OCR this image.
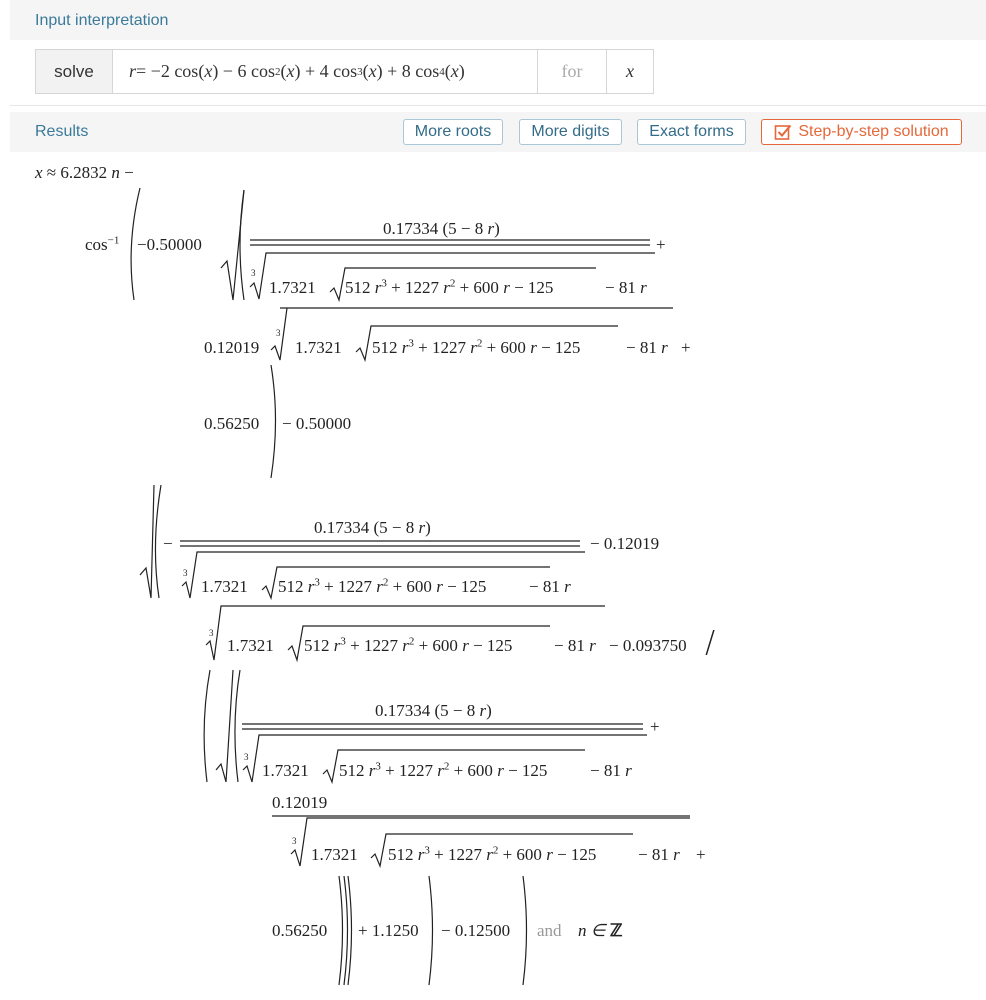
Input interpretation
solve	r = −2 cos( x ) − 6 cos 2 ( x ) + 4 cos 3 ( x ) + 8 cos 4 ( x )	for	x
Results	More roots	More digits	Exact forms	Step-by-step solution
x ≈ 6.2832 n −
$\cos^{-1} -0.50000$
0.17334 (5 − 8 r)
+
3
1.7321 512 $r^3 + 1227$ $r^2 + 600$ r − 125	− 81 r
0.12019
3
1.7321 512 $r^3 + 1227$ $r^2 + 600$ r − 125	− 81 r +
0.56250 − 0.50000
−
0.17334 (5 − 8 r)
− 0.12019
3
1.7321 512 $r^3 + 1227$ $r^2 + 600$ r − 125	− 81 r
3
1.7321 512 $r^3 + 1227$ $r^2 + 600$ r − 125 − 81 r − 0.093750 /
0.17334 (5 − 8 r)
+
3
1.7321 512 $r^3 + 1227$ $r^2 + 600$ r − 125	− 81 r
0.12019
3
1.7321 512 $r^3 + 1227$ $r^2 + 600$ r − 125 − 81 r +
0.56250 + 1.1250 − 0.12500 and n ∈ ℤ
